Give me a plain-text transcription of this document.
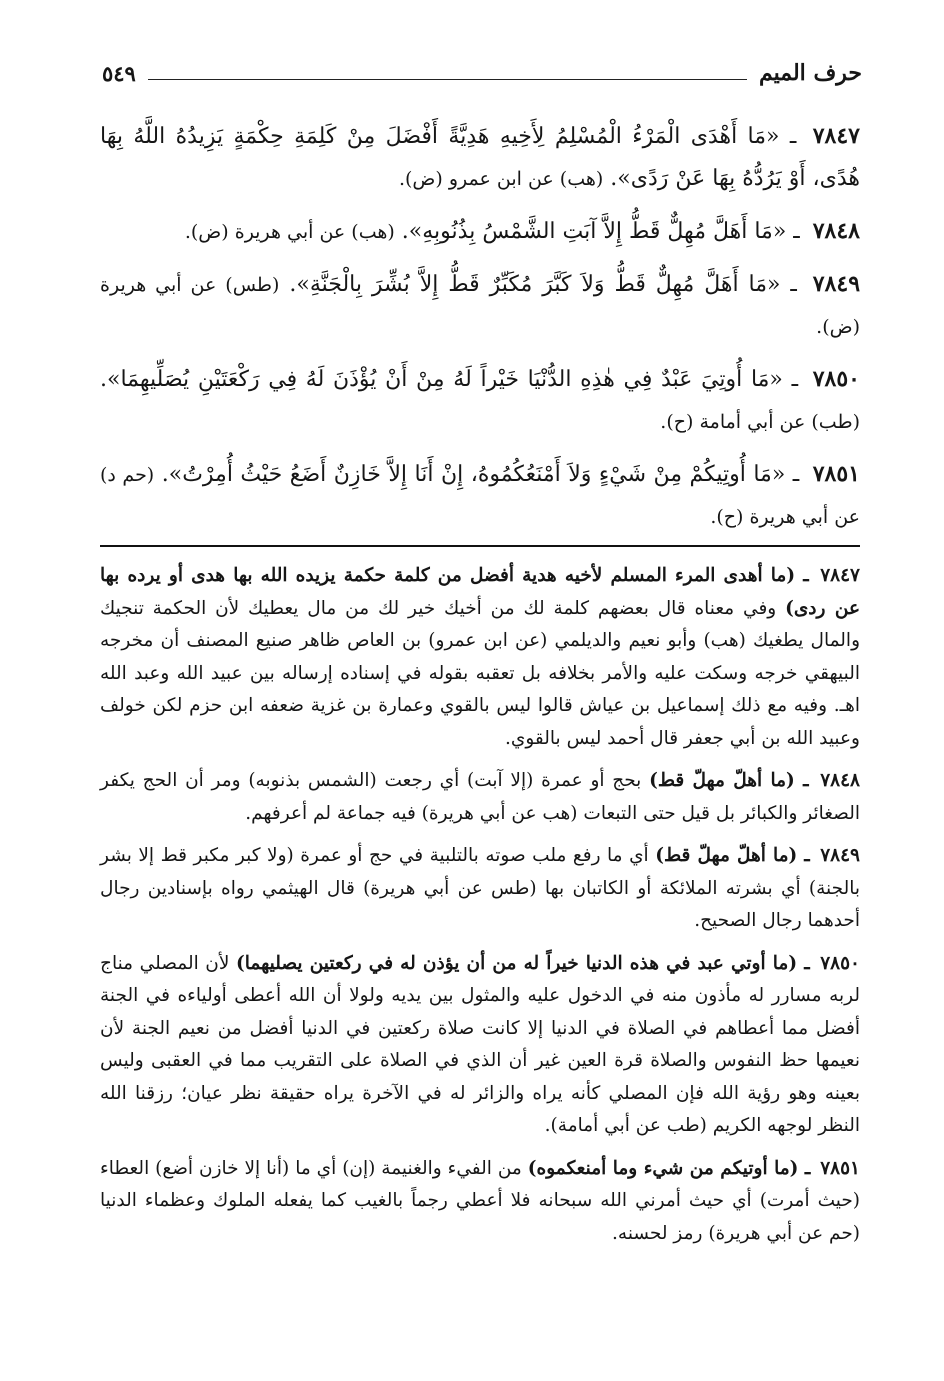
حرف الميم
٥٤٩

٧٨٤٧ ـ «مَا أَهْدَى الْمَرْءُ الْمُسْلِمُ لِأَخِيهِ هَدِيَّةً أَفْضَلَ مِنْ كَلِمَةِ حِكْمَةٍ يَزِيدُهُ اللَّهُ بِهَا هُدًى، أَوْ يَرُدُّهُ بِهَا عَنْ رَدًى». (هب) عن ابن عمرو (ض).

٧٨٤٨ ـ «مَا أَهَلَّ مُهِلٌّ قَطُّ إِلاَّ آبَتِ الشَّمْسُ بِذُنُوبِهِ». (هب) عن أبي هريرة (ض).

٧٨٤٩ ـ «مَا أَهَلَّ مُهِلٌّ قَطُّ وَلاَ كَبَّرَ مُكَبِّرٌ قَطُّ إِلاَّ بُشِّرَ بِالْجَنَّةِ». (طس) عن أبي هريرة (ض).

٧٨٥٠ ـ «مَا أُوتِيَ عَبْدٌ فِي هٰذِهِ الدُّنْيَا خَيْراً لَهُ مِنْ أَنْ يُؤْذَنَ لَهُ فِي رَكْعَتَيْنِ يُصَلِّيهِمَا». (طب) عن أبي أمامة (ح).

٧٨٥١ ـ «مَا أُوتِيكُمْ مِنْ شَيْءٍ وَلاَ أَمْنَعُكُمُوهُ، إِنْ أَنَا إِلاَّ خَازِنٌ أَضَعُ حَيْثُ أُمِرْتُ». (حم د) عن أبي هريرة (ح).

٧٨٤٧ ـ (ما أهدى المرء المسلم لأخيه هدية أفضل من كلمة حكمة يزيده الله بها هدى أو يرده بها عن ردى) وفي معناه قال بعضهم كلمة لك من أخيك خير لك من مال يعطيك لأن الحكمة تنجيك والمال يطغيك (هب) وأبو نعيم والديلمي (عن ابن عمرو) بن العاص ظاهر صنيع المصنف أن مخرجه البيهقي خرجه وسكت عليه والأمر بخلافه بل تعقبه بقوله في إسناده إرساله بين عبيد الله وعبد الله اهـ. وفيه مع ذلك إسماعيل بن عياش قالوا ليس بالقوي وعمارة بن غزية ضعفه ابن حزم لكن خولف وعبيد الله بن أبي جعفر قال أحمد ليس بالقوي.

٧٨٤٨ ـ (ما أهلّ مهلّ قط) بحج أو عمرة (إلا آبت) أي رجعت (الشمس بذنوبه) ومر أن الحج يكفر الصغائر والكبائر بل قيل حتى التبعات (هب عن أبي هريرة) فيه جماعة لم أعرفهم.

٧٨٤٩ ـ (ما أهلّ مهلّ قط) أي ما رفع ملب صوته بالتلبية في حج أو عمرة (ولا كبر مكبر قط إلا بشر بالجنة) أي بشرته الملائكة أو الكاتبان بها (طس عن أبي هريرة) قال الهيثمي رواه بإسنادين رجال أحدهما رجال الصحيح.

٧٨٥٠ ـ (ما أوتي عبد في هذه الدنيا خيراً له من أن يؤذن له في ركعتين يصليهما) لأن المصلي مناج لربه مسارر له مأذون منه في الدخول عليه والمثول بين يديه ولولا أن الله أعطى أولياءه في الجنة أفضل مما أعطاهم في الصلاة في الدنيا إلا كانت صلاة ركعتين في الدنيا أفضل من نعيم الجنة لأن نعيمها حظ النفوس والصلاة قرة العين غير أن الذي في الصلاة على التقريب مما في العقبى وليس بعينه وهو رؤية الله فإن المصلي كأنه يراه والزائر له في الآخرة يراه حقيقة نظر عيان؛ رزقنا الله النظر لوجهه الكريم (طب عن أبي أمامة).

٧٨٥١ ـ (ما أوتيكم من شيء وما أمنعكموه) من الفيء والغنيمة (إن) أي ما (أنا إلا خازن أضع) العطاء (حيث أمرت) أي حيث أمرني الله سبحانه فلا أعطي رجماً بالغيب كما يفعله الملوك وعظماء الدنيا (حم عن أبي هريرة) رمز لحسنه.
